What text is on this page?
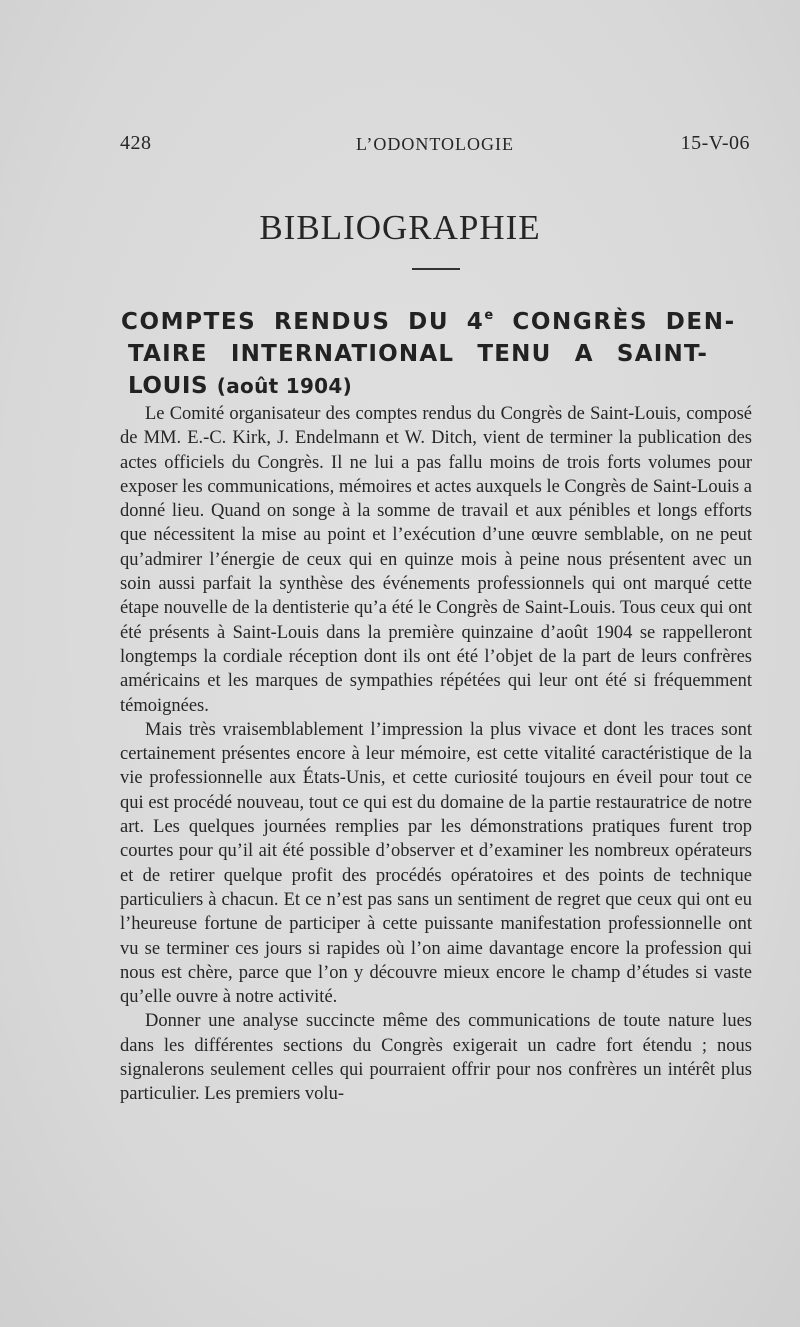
428	L’ODONTOLOGIE	15-V-06
BIBLIOGRAPHIE
COMPTES RENDUS DU 4e CONGRÈS DEN-
TAIRE INTERNATIONAL TENU A SAINT-
LOUIS (août 1904)

Le Comité organisateur des comptes rendus du Congrès de Saint-Louis, composé de MM. E.-C. Kirk, J. Endelmann et W. Ditch, vient de terminer la publication des actes officiels du Congrès. Il ne lui a pas fallu moins de trois forts volumes pour exposer les communications, mémoires et actes auxquels le Congrès de Saint-Louis a donné lieu. Quand on songe à la somme de travail et aux pénibles et longs efforts que nécessitent la mise au point et l’exécution d’une œuvre semblable, on ne peut qu’admirer l’énergie de ceux qui en quinze mois à peine nous présentent avec un soin aussi parfait la synthèse des événements professionnels qui ont marqué cette étape nouvelle de la dentisterie qu’a été le Congrès de Saint-Louis. Tous ceux qui ont été présents à Saint-Louis dans la première quinzaine d’août 1904 se rappelleront longtemps la cordiale réception dont ils ont été l’objet de la part de leurs confrères américains et les marques de sympathies répétées qui leur ont été si fréquemment témoignées.

Mais très vraisemblablement l’impression la plus vivace et dont les traces sont certainement présentes encore à leur mémoire, est cette vitalité caractéristique de la vie professionnelle aux États-Unis, et cette curiosité toujours en éveil pour tout ce qui est procédé nouveau, tout ce qui est du domaine de la partie restauratrice de notre art. Les quelques journées remplies par les démonstrations pratiques furent trop courtes pour qu’il ait été possible d’observer et d’examiner les nombreux opérateurs et de retirer quelque profit des procédés opératoires et des points de technique particuliers à chacun. Et ce n’est pas sans un sentiment de regret que ceux qui ont eu l’heureuse fortune de participer à cette puissante manifestation professionnelle ont vu se terminer ces jours si rapides où l’on aime davantage encore la profession qui nous est chère, parce que l’on y découvre mieux encore le champ d’études si vaste qu’elle ouvre à notre activité.

Donner une analyse succincte même des communications de toute nature lues dans les différentes sections du Congrès exigerait un cadre fort étendu ; nous signalerons seulement celles qui pourraient offrir pour nos confrères un intérêt plus particulier. Les premiers volu-
